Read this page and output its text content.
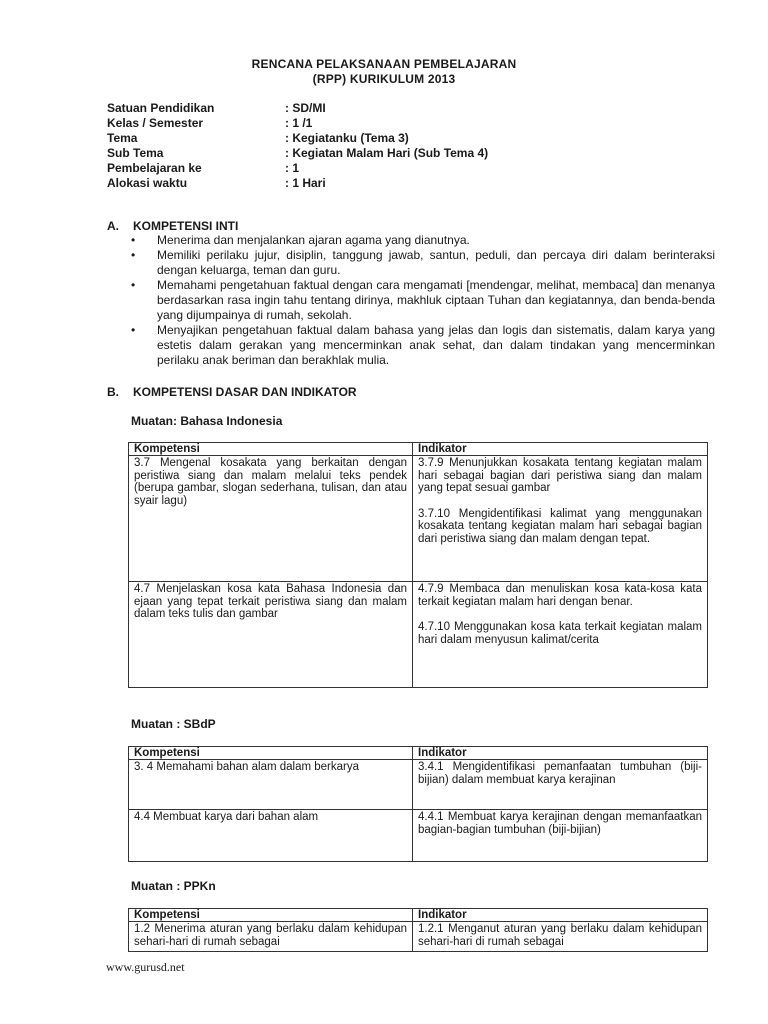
RENCANA PELAKSANAAN PEMBELAJARAN
(RPP) KURIKULUM 2013
Satuan Pendidikan	: SD/MI
Kelas / Semester	: 1 /1
Tema	: Kegiatanku (Tema 3)
Sub Tema	: Kegiatan Malam Hari (Sub Tema 4)
Pembelajaran ke	: 1
Alokasi waktu	: 1 Hari
A. KOMPETENSI INTI
• Menerima dan menjalankan ajaran agama yang dianutnya.
• Memiliki perilaku jujur, disiplin, tanggung jawab, santun, peduli, dan percaya diri dalam berinteraksi dengan keluarga, teman dan guru.
• Memahami pengetahuan faktual dengan cara mengamati [mendengar, melihat, membaca] dan menanya berdasarkan rasa ingin tahu tentang dirinya, makhluk ciptaan Tuhan dan kegiatannya, dan benda-benda yang dijumpainya di rumah, sekolah.
• Menyajikan pengetahuan faktual dalam bahasa yang jelas dan logis dan sistematis, dalam karya yang estetis dalam gerakan yang mencerminkan anak sehat, dan dalam tindakan yang mencerminkan perilaku anak beriman dan berakhlak mulia.
B. KOMPETENSI DASAR DAN INDIKATOR
Muatan: Bahasa Indonesia
Kompetensi	Indikator
3.7 Mengenal kosakata yang berkaitan dengan peristiwa siang dan malam melalui teks pendek (berupa gambar, slogan sederhana, tulisan, dan atau syair lagu)	3.7.9 Menunjukkan kosakata tentang kegiatan malam hari sebagai bagian dari peristiwa siang dan malam yang tepat sesuai gambar

3.7.10 Mengidentifikasi kalimat yang menggunakan kosakata tentang kegiatan malam hari sebagai bagian dari peristiwa siang dan malam dengan tepat.

4.7 Menjelaskan kosa kata Bahasa Indonesia dan ejaan yang tepat terkait peristiwa siang dan malam dalam teks tulis dan gambar	4.7.9 Membaca dan menuliskan kosa kata-kosa kata terkait kegiatan malam hari dengan benar.

4.7.10 Menggunakan kosa kata terkait kegiatan malam hari dalam menyusun kalimat/cerita

Muatan : SBdP
Kompetensi	Indikator
3. 4 Memahami bahan alam dalam berkarya	3.4.1 Mengidentifikasi pemanfaatan tumbuhan (biji-bijian) dalam membuat karya kerajinan
4.4 Membuat karya dari bahan alam	4.4.1 Membuat karya kerajinan dengan memanfaatkan bagian-bagian tumbuhan (biji-bijian)
Muatan : PPKn
Kompetensi	Indikator
1.2 Menerima aturan yang berlaku dalam kehidupan sehari-hari di rumah sebagai	1.2.1 Menganut aturan yang berlaku dalam kehidupan sehari-hari di rumah sebagai
www.gurusd.net
